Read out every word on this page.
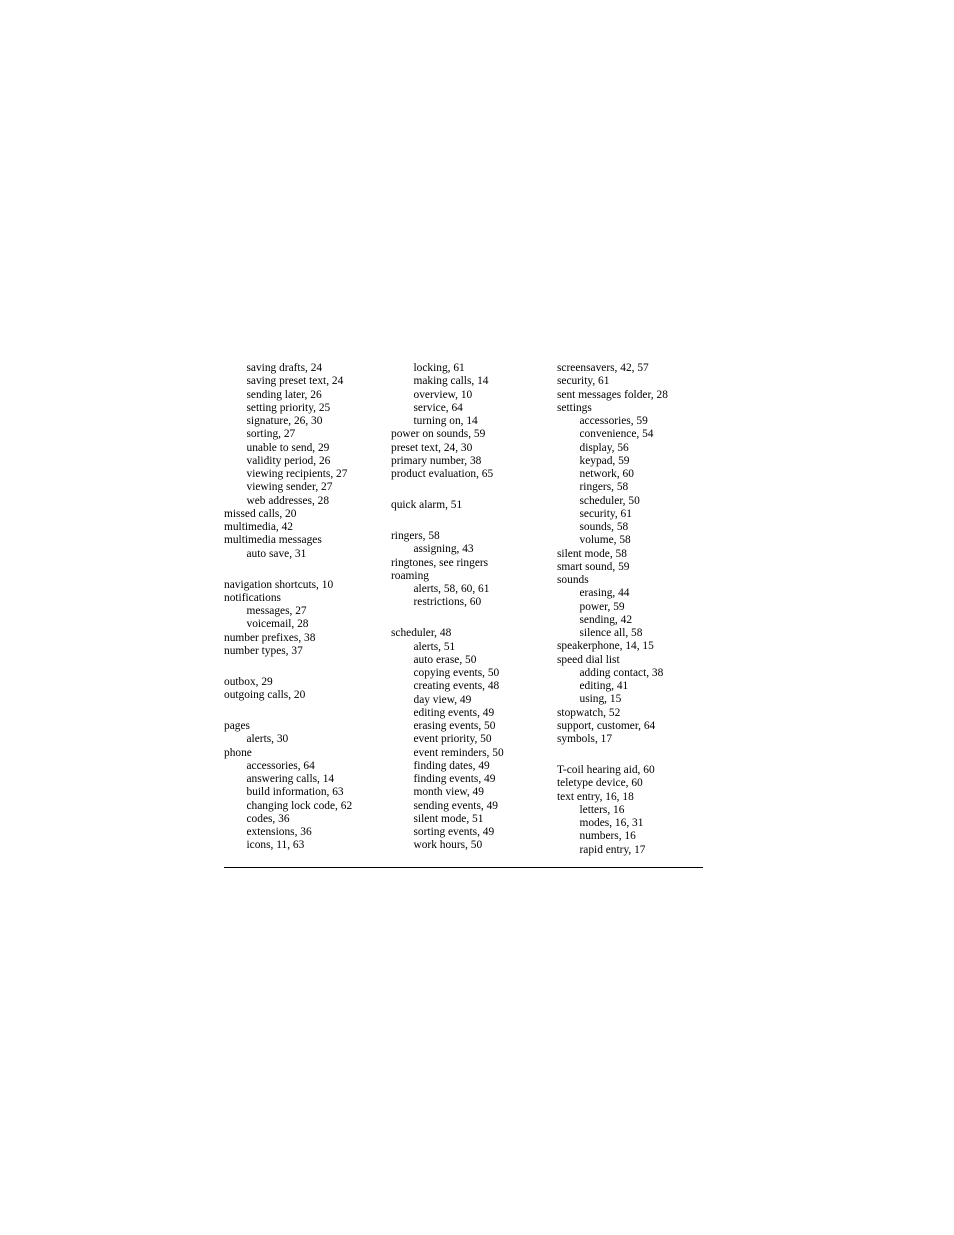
saving drafts, 24
saving preset text, 24
sending later, 26
setting priority, 25
signature, 26, 30
sorting, 27
unable to send, 29
validity period, 26
viewing recipients, 27
viewing sender, 27
web addresses, 28
missed calls, 20
multimedia, 42
multimedia messages
auto save, 31
navigation shortcuts, 10
notifications
messages, 27
voicemail, 28
number prefixes, 38
number types, 37
outbox, 29
outgoing calls, 20
pages
alerts, 30
phone
accessories, 64
answering calls, 14
build information, 63
changing lock code, 62
codes, 36
extensions, 36
icons, 11, 63
locking, 61
making calls, 14
overview, 10
service, 64
turning on, 14
power on sounds, 59
preset text, 24, 30
primary number, 38
product evaluation, 65
quick alarm, 51
ringers, 58
assigning, 43
ringtones, see ringers
roaming
alerts, 58, 60, 61
restrictions, 60
scheduler, 48
alerts, 51
auto erase, 50
copying events, 50
creating events, 48
day view, 49
editing events, 49
erasing events, 50
event priority, 50
event reminders, 50
finding dates, 49
finding events, 49
month view, 49
sending events, 49
silent mode, 51
sorting events, 49
work hours, 50
screensavers, 42, 57
security, 61
sent messages folder, 28
settings
accessories, 59
convenience, 54
display, 56
keypad, 59
network, 60
ringers, 58
scheduler, 50
security, 61
sounds, 58
volume, 58
silent mode, 58
smart sound, 59
sounds
erasing, 44
power, 59
sending, 42
silence all, 58
speakerphone, 14, 15
speed dial list
adding contact, 38
editing, 41
using, 15
stopwatch, 52
support, customer, 64
symbols, 17
T-coil hearing aid, 60
teletype device, 60
text entry, 16, 18
letters, 16
modes, 16, 31
numbers, 16
rapid entry, 17
